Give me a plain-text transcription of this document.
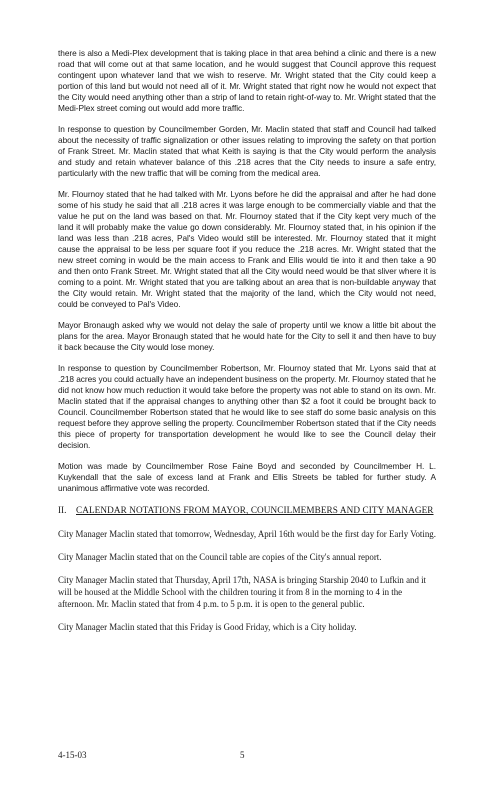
there is also a Medi-Plex development that is taking place in that area behind a clinic and there is a new road that will come out at that same location, and he would suggest that Council approve this request contingent upon whatever land that we wish to reserve. Mr. Wright stated that the City could keep a portion of this land but would not need all of it. Mr. Wright stated that right now he would not expect that the City would need anything other than a strip of land to retain right-of-way to. Mr. Wright stated that the Medi-Plex street coming out would add more traffic.

In response to question by Councilmember Gorden, Mr. Maclin stated that staff and Council had talked about the necessity of traffic signalization or other issues relating to improving the safety on that portion of Frank Street. Mr. Maclin stated that what Keith is saying is that the City would perform the analysis and study and retain whatever balance of this .218 acres that the City needs to insure a safe entry, particularly with the new traffic that will be coming from the medical area.

Mr. Flournoy stated that he had talked with Mr. Lyons before he did the appraisal and after he had done some of his study he said that all .218 acres it was large enough to be commercially viable and that the value he put on the land was based on that. Mr. Flournoy stated that if the City kept very much of the land it will probably make the value go down considerably. Mr. Flournoy stated that, in his opinion if the land was less than .218 acres, Pal's Video would still be interested. Mr. Flournoy stated that it might cause the appraisal to be less per square foot if you reduce the .218 acres. Mr. Wright stated that the new street coming in would be the main access to Frank and Ellis would tie into it and then take a 90 and then onto Frank Street. Mr. Wright stated that all the City would need would be that sliver where it is coming to a point. Mr. Wright stated that you are talking about an area that is non-buildable anyway that the City would retain. Mr. Wright stated that the majority of the land, which the City would not need, could be conveyed to Pal's Video.

Mayor Bronaugh asked why we would not delay the sale of property until we know a little bit about the plans for the area. Mayor Bronaugh stated that he would hate for the City to sell it and then have to buy it back because the City would lose money.

In response to question by Councilmember Robertson, Mr. Flournoy stated that Mr. Lyons said that at .218 acres you could actually have an independent business on the property. Mr. Flournoy stated that he did not know how much reduction it would take before the property was not able to stand on its own. Mr. Maclin stated that if the appraisal changes to anything other than $2 a foot it could be brought back to Council. Councilmember Robertson stated that he would like to see staff do some basic analysis on this request before they approve selling the property. Councilmember Robertson stated that if the City needs this piece of property for transportation development he would like to see the Council delay their decision.

Motion was made by Councilmember Rose Faine Boyd and seconded by Councilmember H. L. Kuykendall that the sale of excess land at Frank and Ellis Streets be tabled for further study. A unanimous affirmative vote was recorded.

II.	CALENDAR NOTATIONS FROM MAYOR, COUNCILMEMBERS AND CITY MANAGER

City Manager Maclin stated that tomorrow, Wednesday, April 16th would be the first day for Early Voting.

City Manager Maclin stated that on the Council table are copies of the City's annual report.

City Manager Maclin stated that Thursday, April 17th, NASA is bringing Starship 2040 to Lufkin and it will be housed at the Middle School with the children touring it from 8 in the morning to 4 in the afternoon. Mr. Maclin stated that from 4 p.m. to 5 p.m. it is open to the general public.

City Manager Maclin stated that this Friday is Good Friday, which is a City holiday.

4-15-03	5
